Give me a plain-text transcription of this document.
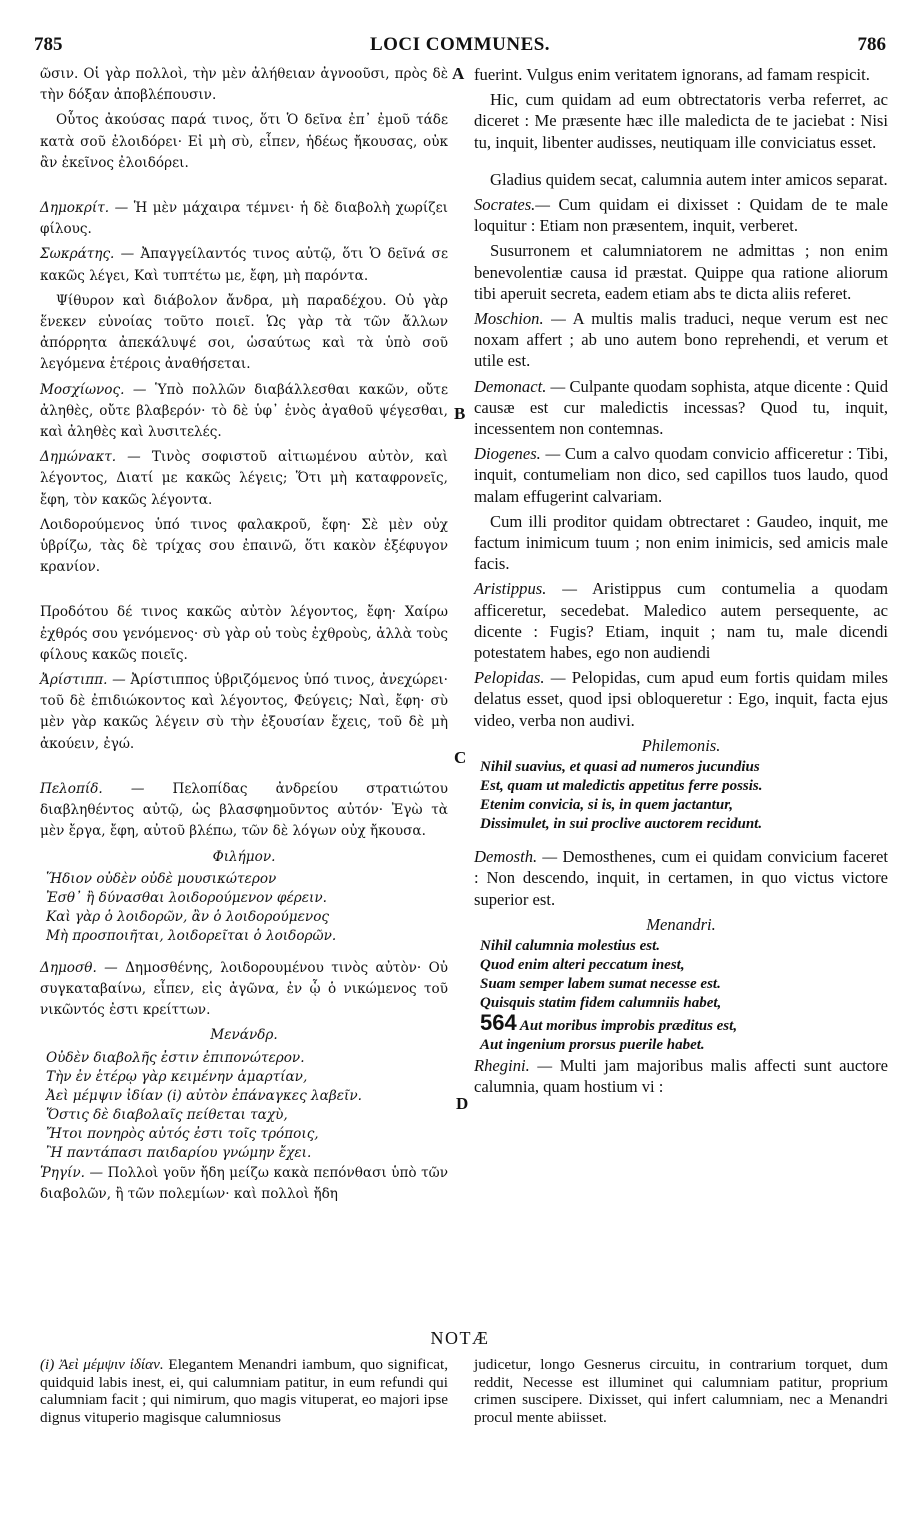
785	LOCI COMMUNES.	786
ῶσιν. Οἱ γὰρ πολλοὶ, τὴν μὲν ἀλήθειαν ἀγνοοῦσι, πρὸς δὲ τὴν δόξαν ἀποβλέπουσιν.
Οὗτος ἀκούσας παρά τινος, ὅτι Ὁ δεῖνα ἐπ᾽ ἐμοῦ τάδε κατὰ σοῦ ἐλοιδόρει· Εἰ μὴ σὺ, εἶπεν, ἡδέως ἤκουσας, οὐκ ἂν ἐκεῖνος ἐλοιδόρει.
Δημοκρίτ. — Ἡ μὲν μάχαιρα τέμνει· ἡ δὲ διαβολὴ χωρίζει φίλους.
Σωκράτης. — Ἀπαγγείλαντός τινος αὐτῷ, ὅτι Ὁ δεῖνά σε κακῶς λέγει, Καὶ τυπτέτω με, ἔφη, μὴ παρόντα.
Ψίθυρον καὶ διάβολον ἄνδρα, μὴ παραδέχου. Οὐ γὰρ ἕνεκεν εὐνοίας τοῦτο ποιεῖ. Ὡς γὰρ τὰ τῶν ἄλλων ἀπόρρητα ἀπεκάλυψέ σοι, ὡσαύτως καὶ τὰ ὑπὸ σοῦ λεγόμενα ἑτέροις ἀναθήσεται.
Μοσχίωνος. — Ὑπὸ πολλῶν διαβάλλεσθαι κακῶν, οὔτε ἀληθὲς, οὔτε βλαβερόν· τὸ δὲ ὑφ᾽ ἑνὸς ἀγαθοῦ ψέγεσθαι, καὶ ἀληθὲς καὶ λυσιτελές.
Δημώνακτ. — Τινὸς σοφιστοῦ αἰτιωμένου αὐτὸν, καὶ λέγοντος, Διατί με κακῶς λέγεις; Ὅτι μὴ καταφρονεῖς, ἔφη, τὸν κακῶς λέγοντα.
Λοιδορούμενος ὑπό τινος φαλακροῦ, ἔφη· Σὲ μὲν οὐχ ὑβρίζω, τὰς δὲ τρίχας σου ἐπαινῶ, ὅτι κακὸν ἐξέφυγον κρανίον.
Προδότου δέ τινος κακῶς αὐτὸν λέγοντος, ἔφη· Χαίρω ἐχθρός σου γενόμενος· σὺ γὰρ οὐ τοὺς ἐχθροὺς, ἀλλὰ τοὺς φίλους κακῶς ποιεῖς.
Ἀρίστιππ. — Ἀρίστιππος ὑβριζόμενος ὑπό τινος, ἀνεχώρει· τοῦ δὲ ἐπιδιώκοντος καὶ λέγοντος, Φεύγεις; Ναὶ, ἔφη· σὺ μὲν γὰρ κακῶς λέγειν σὺ τὴν ἐξουσίαν ἔχεις, τοῦ δὲ μὴ ἀκούειν, ἐγώ.
Πελοπίδ. — Πελοπίδας ἀνδρείου στρατιώτου διαβληθέντος αὐτῷ, ὡς βλασφημοῦντος αὐτόν· Ἐγὼ τὰ μὲν ἔργα, ἔφη, αὐτοῦ βλέπω, τῶν δὲ λόγων οὐχ ἤκουσα.
Φιλήμον.
Ἥδιον οὐδὲν οὐδὲ μουσικώτερον
Ἐσθ᾽ ἢ δύνασθαι λοιδορούμενον φέρειν.
Καὶ γὰρ ὁ λοιδορῶν, ἂν ὁ λοιδορούμενος
Μὴ προσποιῆται, λοιδορεῖται ὁ λοιδορῶν.
Δημοσθ. — Δημοσθένης, λοιδορουμένου τινὸς αὐτὸν· Οὐ συγκαταβαίνω, εἶπεν, εἰς ἀγῶνα, ἐν ᾧ ὁ νικώμενος τοῦ νικῶντός ἐστι κρείττων.
Μενάνδρ.
Οὐδὲν διαβολῆς ἐστιν ἐπιπονώτερον.
Τὴν ἐν ἑτέρῳ γὰρ κειμένην ἁμαρτίαν,
Ἀεὶ μέμψιν ἰδίαν (i) αὐτὸν ἐπάναγκες λαβεῖν.
Ὅστις δὲ διαβολαῖς πείθεται ταχὺ,
Ἤτοι πονηρὸς αὐτός ἐστι τοῖς τρόποις,
Ἢ παντάπασι παιδαρίου γνώμην ἔχει.
Ῥηγίν. — Πολλοὶ γοῦν ἤδη μείζω κακὰ πεπόνθασι ὑπὸ τῶν διαβολῶν, ἢ τῶν πολεμίων· καὶ πολλοὶ ἤδη
fuerint. Vulgus enim veritatem ignorans, ad famam respicit.
Hic, cum quidam ad eum obtrectatoris verba referret, ac diceret : Me præsente hæc ille maledicta de te jaciebat : Nisi tu, inquit, libenter audisses, neutiquam ille conviciatus esset.
Gladius quidem secat, calumnia autem inter amicos separat.
Socrates.— Cum quidam ei dixisset : Quidam de te male loquitur : Etiam non præsentem, inquit, verberet.
Susurronem et calumniatorem ne admittas ; non enim benevolentiæ causa id præstat. Quippe qua ratione aliorum tibi aperuit secreta, eadem etiam abs te dicta aliis referet.
Moschion. — A multis malis traduci, neque verum est nec noxam affert ; ab uno autem bono reprehendi, et verum et utile est.
Demonact. — Culpante quodam sophista, atque dicente : Quid causæ est cur maledictis incessas? Quod tu, inquit, incessentem non contemnas.
Diogenes. — Cum a calvo quodam convicio afficeretur : Tibi, inquit, contumeliam non dico, sed capillos tuos laudo, quod malam effugerint calvariam.
Cum illi proditor quidam obtrectaret : Gaudeo, inquit, me factum inimicum tuum ; non enim inimicis, sed amicis male facis.
Aristippus. — Aristippus cum contumelia a quodam afficeretur, secedebat. Maledico autem persequente, ac dicente : Fugis? Etiam, inquit ; nam tu, male dicendi potestatem habes, ego non audiendi
Pelopidas. — Pelopidas, cum apud eum fortis quidam miles delatus esset, quod ipsi obloqueretur : Ego, inquit, facta ejus video, verba non audivi.
Philemonis.
Nihil suavius, et quasi ad numeros jucundius
Est, quam ut maledictis appetitus ferre possis.
Etenim convicia, si is, in quem jactantur,
Dissimulet, in sui proclive auctorem recidunt.
Demosth. — Demosthenes, cum ei quidam convicium faceret : Non descendo, inquit, in certamen, in quo victus victore superior est.
Menandri.
Nihil calumnia molestius est.
Quod enim alteri peccatum inest,
Suam semper labem sumat necesse est.
Quisquis statim fidem calumniis habet,
564 Aut moribus improbis præditus est,
Aut ingenium prorsus puerile habet.
Rhegini. — Multi jam majoribus malis affecti sunt auctore calumnia, quam hostium vi :
A
B
C
D
NOTÆ
(i) Ἀεὶ μέμψιν ἰδίαν. Elegantem Menandri iambum, quo significat, quidquid labis inest, ei, qui calumniam patitur, in eum refundi qui calumniam facit ; qui nimirum, quo magis vituperat, eo majori ipse dignus vituperio magisque calumniosus
judicetur, longo Gesnerus circuitu, in contrarium torquet, dum reddit, Necesse est illuminet qui calumniam patitur, proprium crimen suscipere. Dixisset, qui infert calumniam, nec a Menandri procul mente abiisset.
